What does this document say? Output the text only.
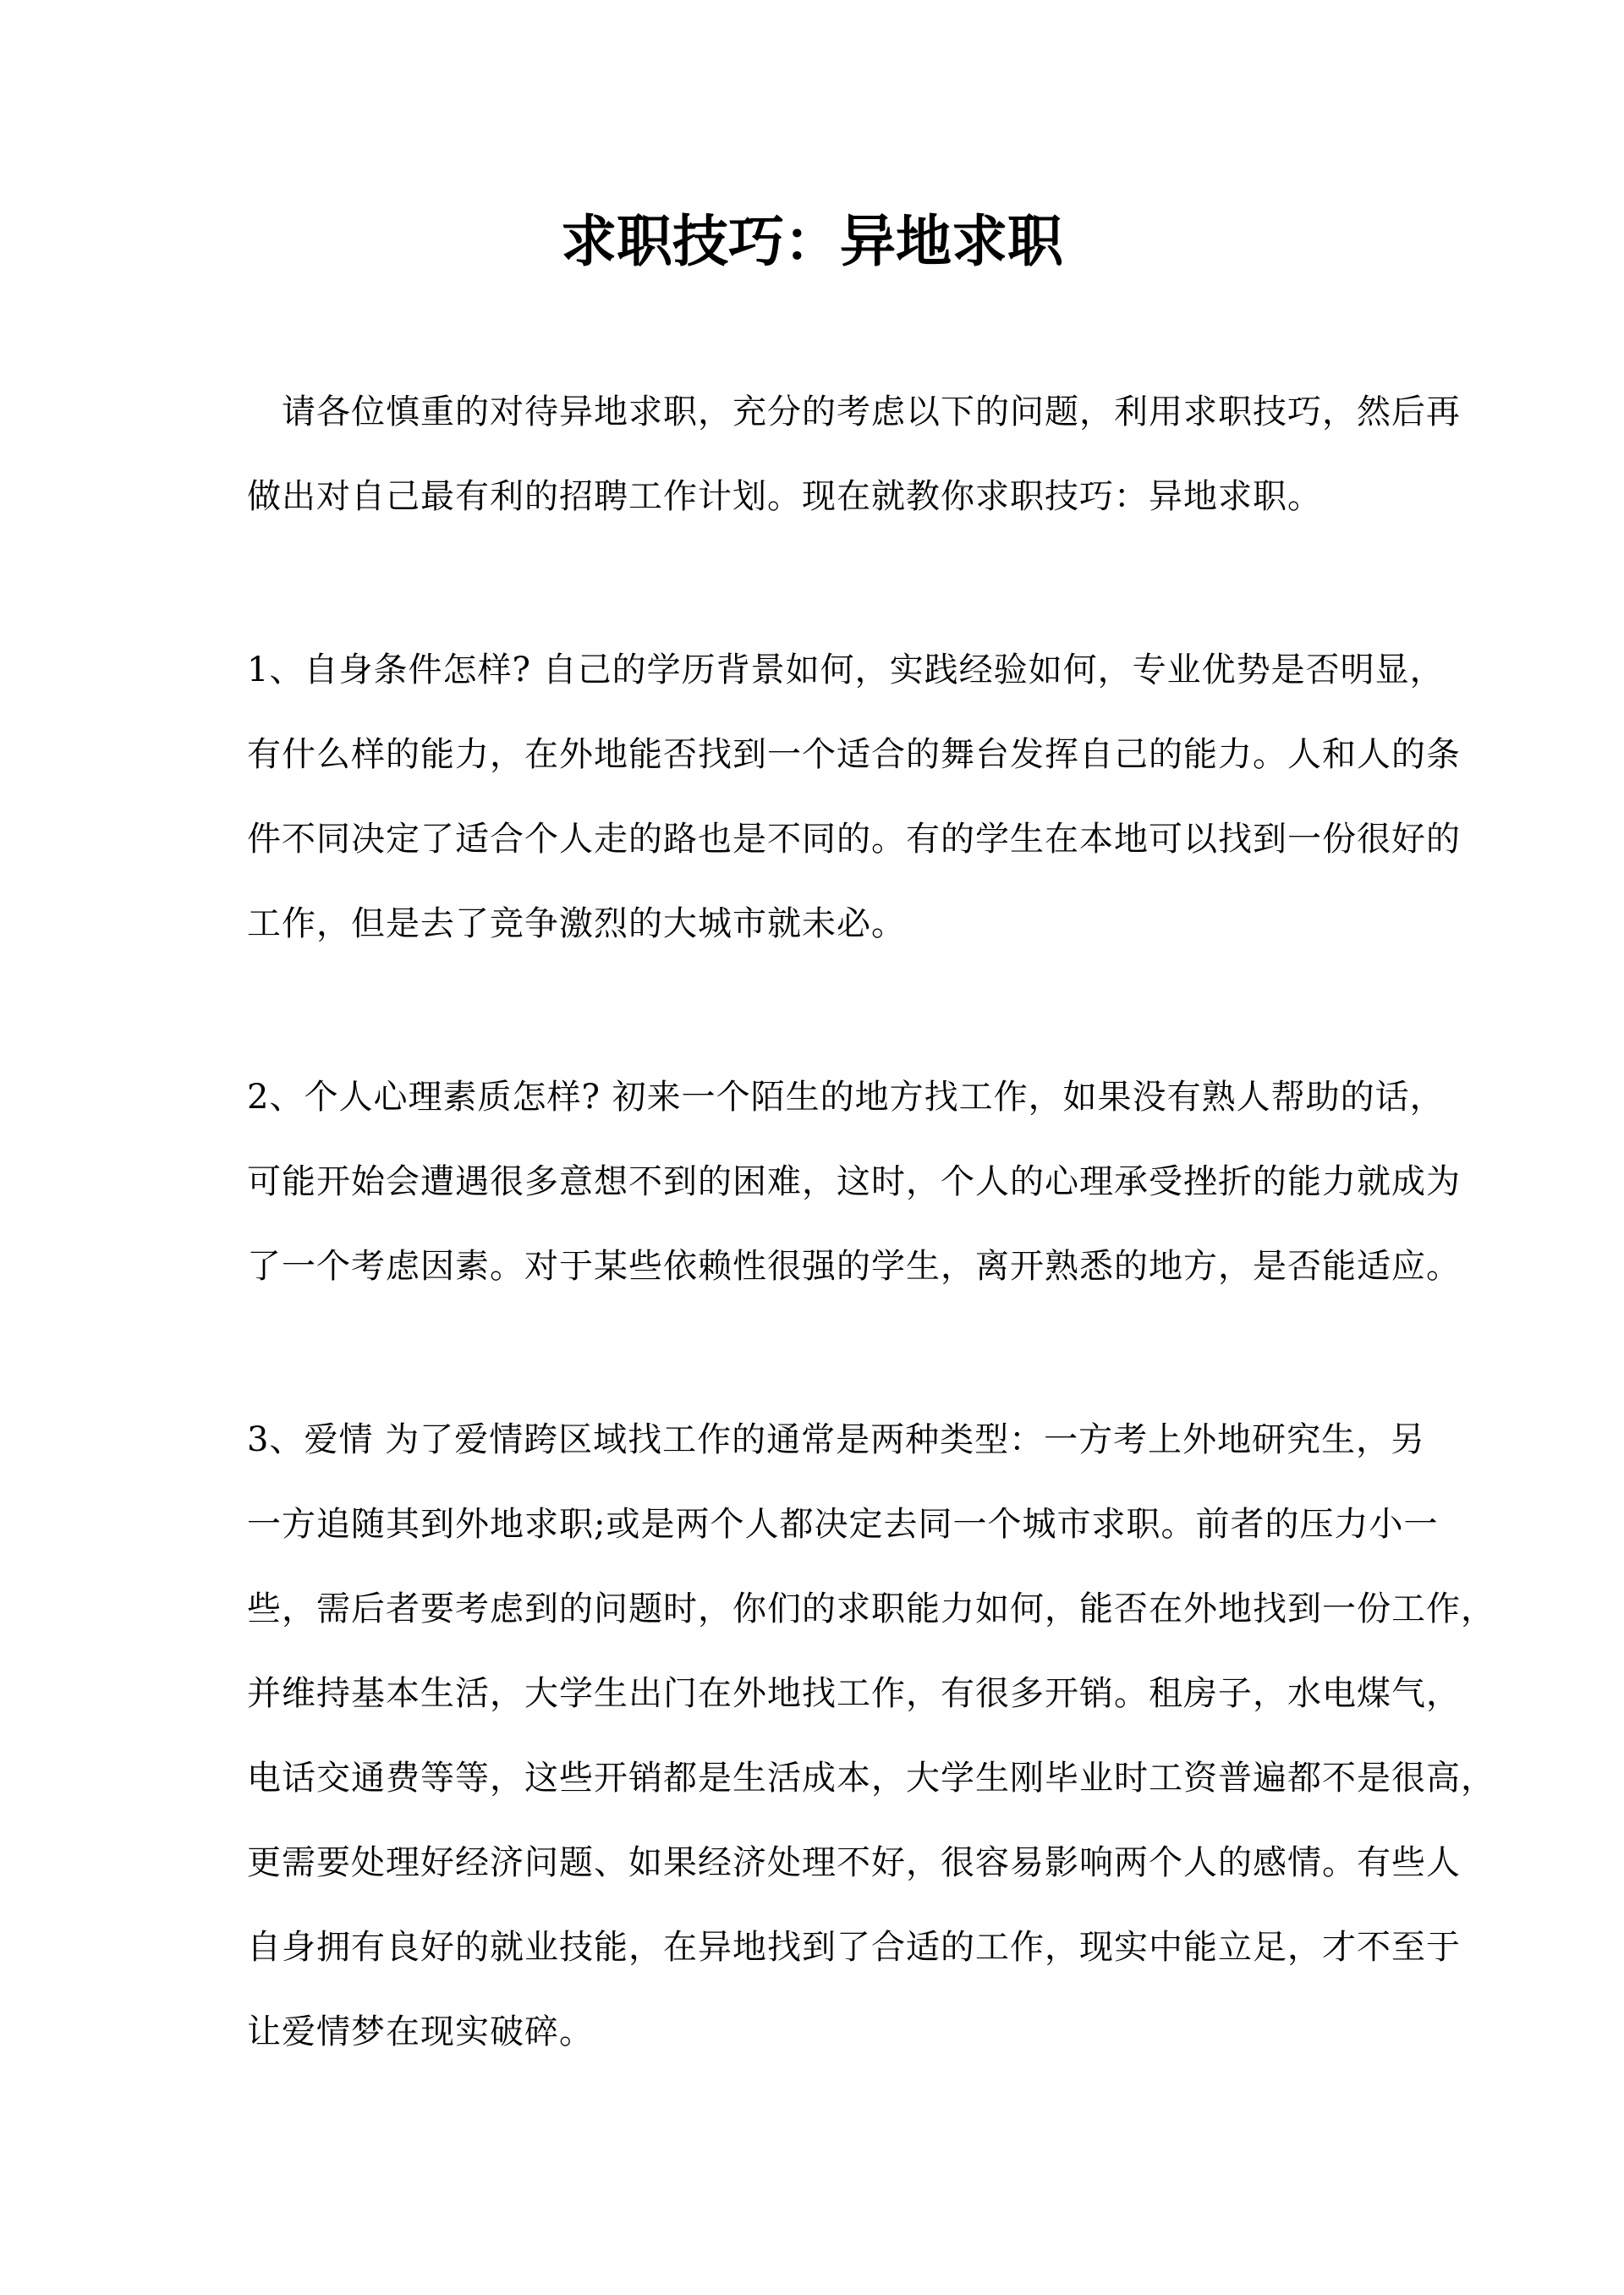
求职技巧：异地求职

　请各位慎重的对待异地求职，充分的考虑以下的问题，利用求职技巧，然后再
做出对自己最有利的招聘工作计划。现在就教你求职技巧：异地求职。

1、自身条件怎样? 自己的学历背景如何，实践经验如何，专业优势是否明显，
有什么样的能力，在外地能否找到一个适合的舞台发挥自己的能力。人和人的条
件不同决定了适合个人走的路也是不同的。有的学生在本地可以找到一份很好的
工作，但是去了竞争激烈的大城市就未必。

2、个人心理素质怎样? 初来一个陌生的地方找工作，如果没有熟人帮助的话，
可能开始会遭遇很多意想不到的困难，这时，个人的心理承受挫折的能力就成为
了一个考虑因素。对于某些依赖性很强的学生，离开熟悉的地方，是否能适应。

3、爱情 为了爱情跨区域找工作的通常是两种类型：一方考上外地研究生，另
一方追随其到外地求职;或是两个人都决定去同一个城市求职。前者的压力小一
些，需后者要考虑到的问题时，你们的求职能力如何，能否在外地找到一份工作，
并维持基本生活，大学生出门在外地找工作，有很多开销。租房子，水电煤气，
电话交通费等等，这些开销都是生活成本，大学生刚毕业时工资普遍都不是很高，
更需要处理好经济问题、如果经济处理不好，很容易影响两个人的感情。有些人
自身拥有良好的就业技能，在异地找到了合适的工作，现实中能立足，才不至于
让爱情梦在现实破碎。
